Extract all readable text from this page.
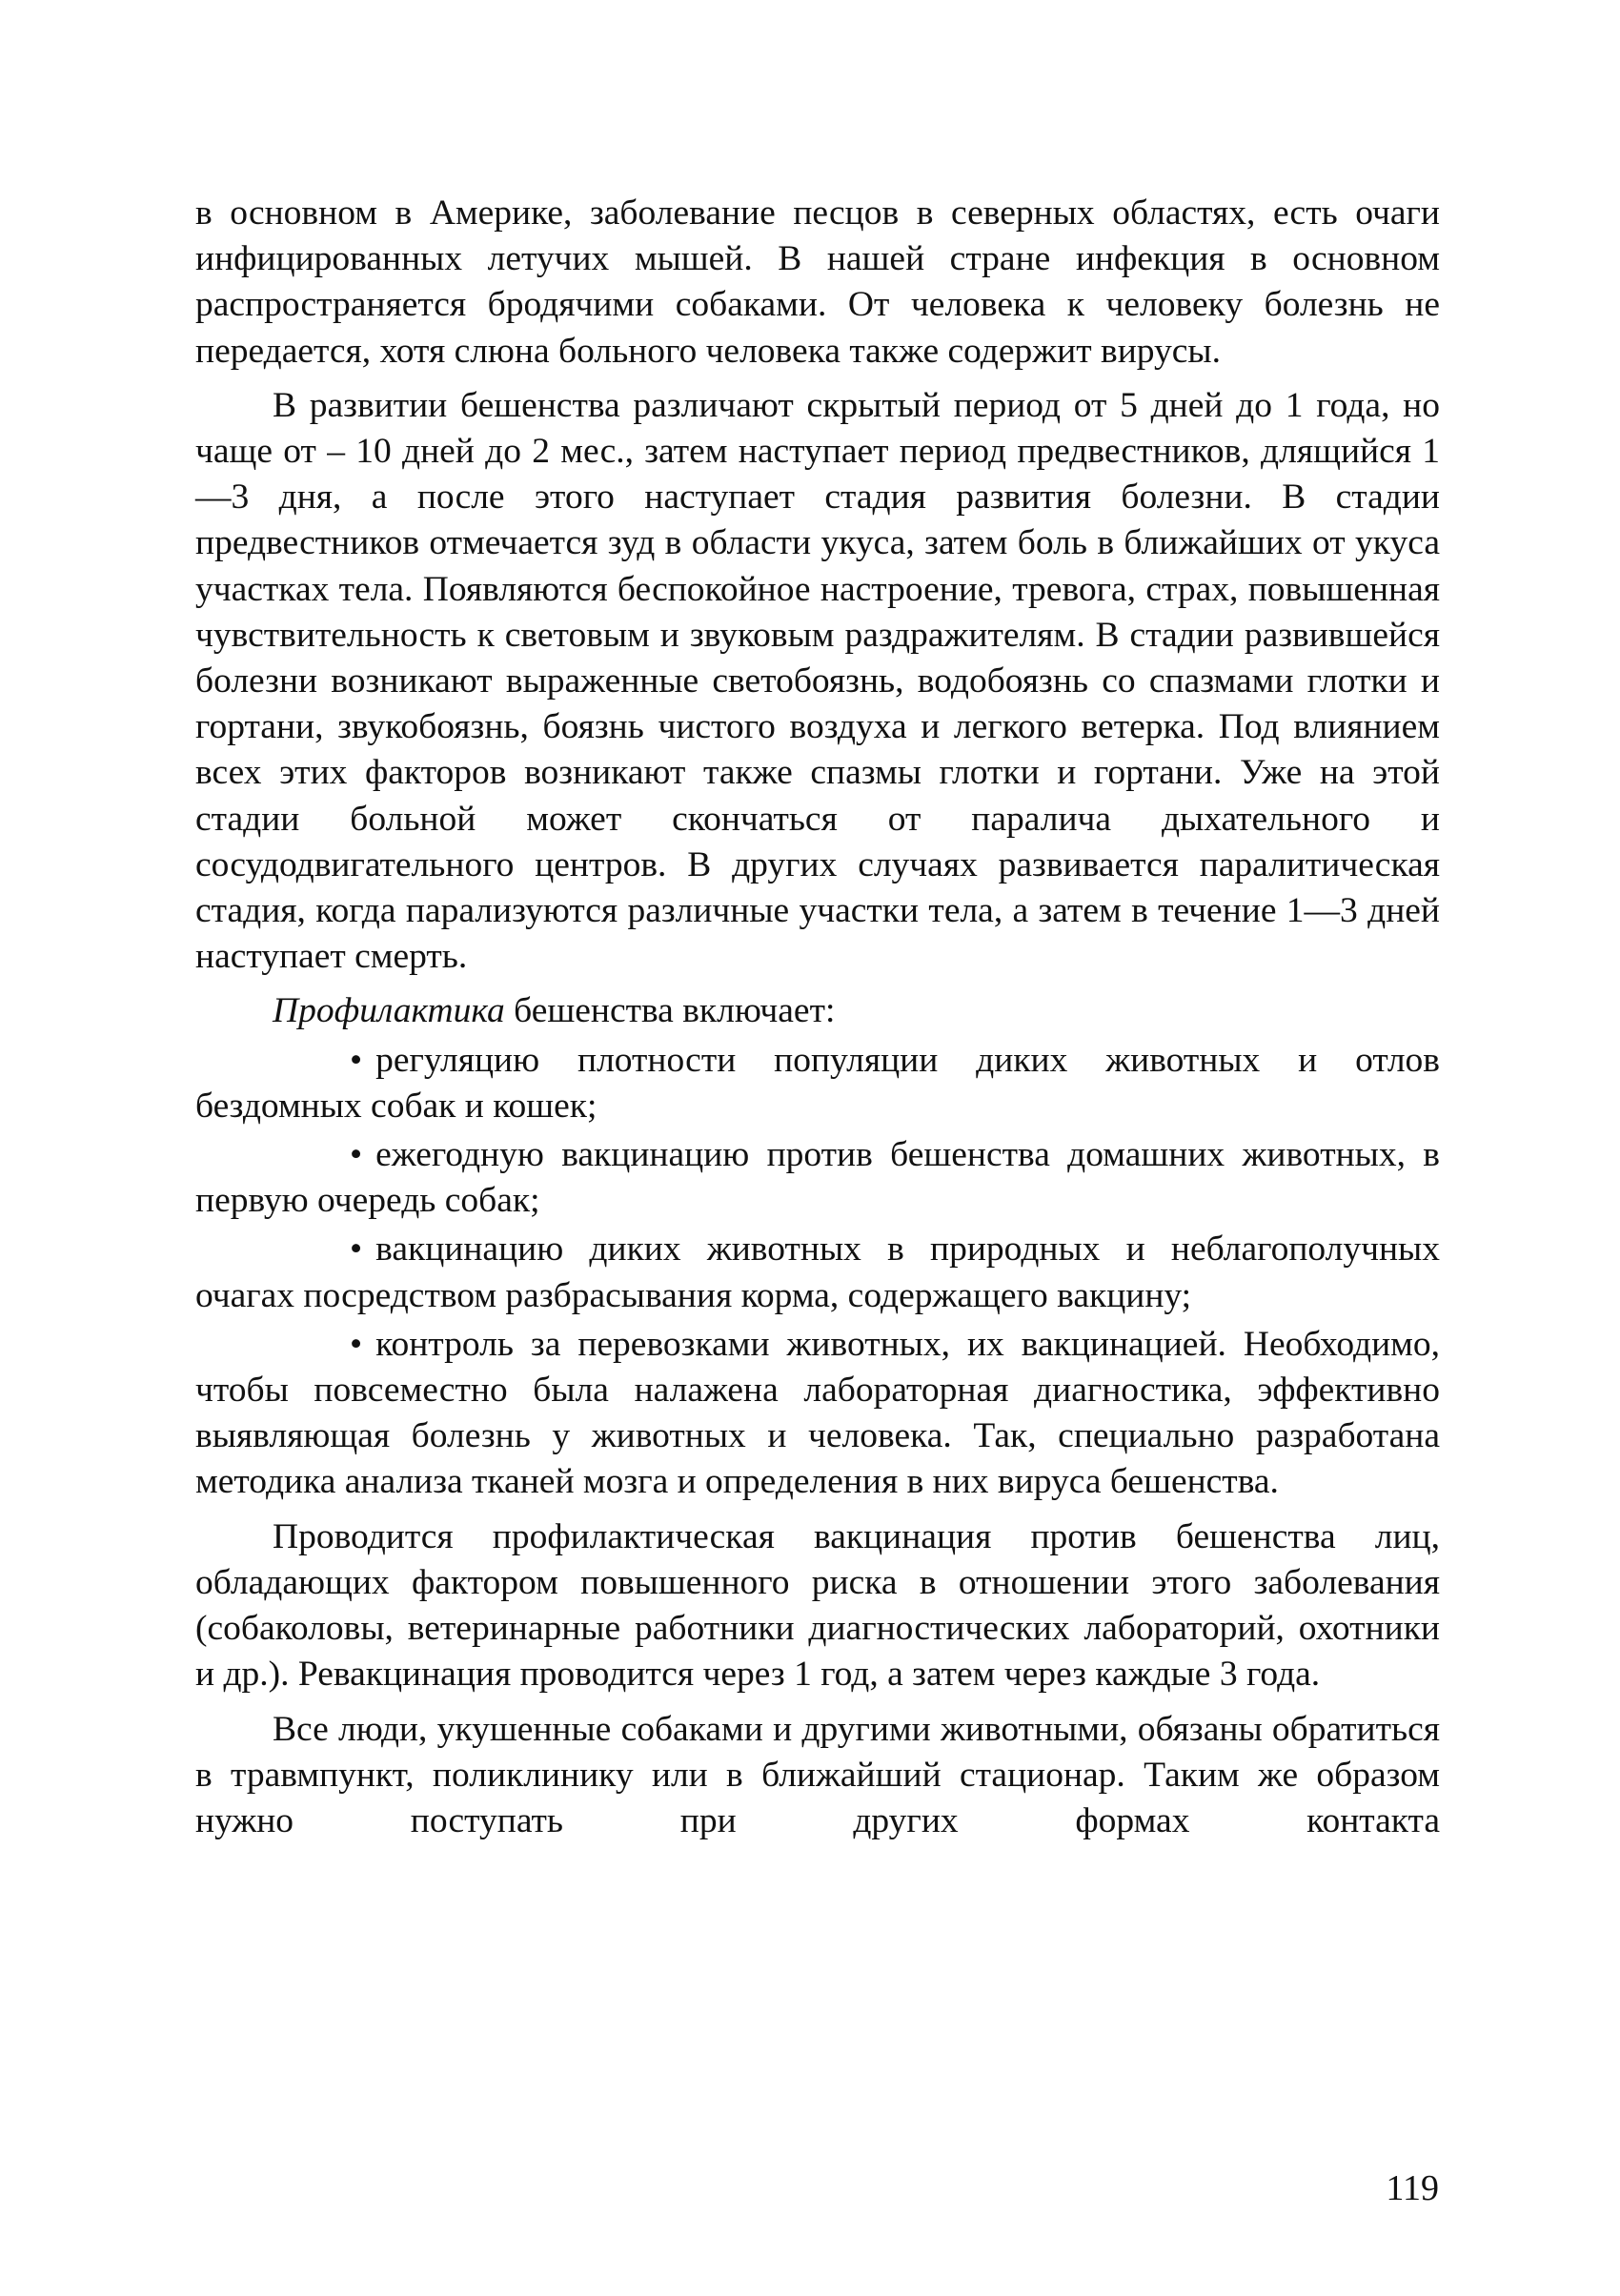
в основном в Америке, заболевание песцов в северных областях, есть очаги инфицированных летучих мышей. В нашей стране инфекция в основном распространяется бродячими собаками. От человека к человеку болезнь не передается, хотя слюна больного человека также содержит вирусы.

В развитии бешенства различают скрытый период от 5 дней до 1 года, но чаще от – 10 дней до 2 мес., затем наступает период предвестников, длящийся 1—3 дня, а после этого наступает стадия развития болезни. В стадии предвестников отмечается зуд в области укуса, затем боль в ближайших от укуса участках тела. Появляются беспокойное настроение, тревога, страх, повышенная чувствительность к световым и звуковым раздражителям. В стадии развившейся болезни возникают выраженные светобоязнь, водобоязнь со спазмами глотки и гортани, звукобоязнь, боязнь чистого воздуха и легкого ветерка. Под влиянием всех этих факторов возникают также спазмы глотки и гортани. Уже на этой стадии больной может скончаться от паралича дыхательного и сосудодвигательного центров. В других случаях развивается паралитическая стадия, когда парализуются различные участки тела, а затем в течение 1—3 дней наступает смерть.

Профилактика бешенства включает:

• регуляцию плотности популяции диких животных и отлов бездомных собак и кошек;

• ежегодную вакцинацию против бешенства домашних животных, в первую очередь собак;

• вакцинацию диких животных в природных и неблагополучных очагах посредством разбрасывания корма, содержащего вакцину;

• контроль за перевозками животных, их вакцинацией. Необходимо, чтобы повсеместно была налажена лабораторная диагностика, эффективно выявляющая болезнь у животных и человека. Так, специально разработана методика анализа тканей мозга и определения в них вируса бешенства.

Проводится профилактическая вакцинация против бешенства лиц, обладающих фактором повышенного риска в отношении этого заболевания (собаколовы, ветеринарные работники диагностических лабораторий, охотники и др.). Ревакцинация проводится через 1 год, а затем через каждые 3 года.

Все люди, укушенные собаками и другими животными, обязаны обратиться в травмпункт, поликлинику или в ближайший стационар. Таким же образом нужно поступать при других формах контакта

119
